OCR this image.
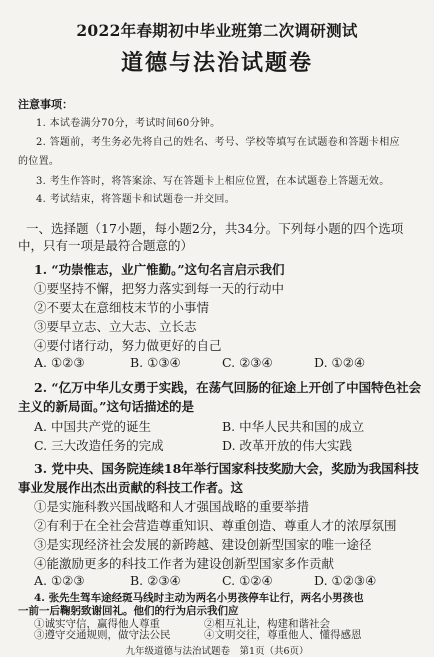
2022年春期初中毕业班第二次调研测试
道德与法治试题卷
注意事项：
1. 本试卷满分70分，考试时间60分钟。
2. 答题前，考生务必先将自己的姓名、考号、学校等填写在试题卷和答题卡相应
的位置。
3. 考生作答时，将答案涂、写在答题卡上相应位置，在本试题卷上答题无效。
4. 考试结束，将答题卡和试题卷一并交回。
一、选择题（17小题，每小题2分，共34分。下列每小题的四个选项
中，只有一项是最符合题意的）
1. “功崇惟志，业广惟勤。”这句名言启示我们
①要坚持不懈，把努力落实到每一天的行动中
②不要太在意细枝末节的小事情
③要早立志、立大志、立长志
④要付诸行动，努力做更好的自己
A. ①②③	B. ①③④	C. ②③④	D. ①②④
2. “亿万中华儿女勇于实践，在荡气回肠的征途上开创了中国特色社会
主义的新局面。”这句话描述的是
A. 中国共产党的诞生	B. 中华人民共和国的成立
C. 三大改造任务的完成	D. 改革开放的伟大实践
3. 党中央、国务院连续18年举行国家科技奖励大会，奖励为我国科技
事业发展作出杰出贡献的科技工作者。这
①是实施科教兴国战略和人才强国战略的重要举措
②有利于在全社会营造尊重知识、尊重创造、尊重人才的浓厚氛围
③是实现经济社会发展的新跨越、建设创新型国家的唯一途径
④能激励更多的科技工作者为建设创新型国家多作贡献
A. ①②③	B. ②③④	C. ①②④	D. ①②③④
4. 张先生驾车途经斑马线时主动为两名小男孩停车让行，两名小男孩也
一前一后鞠躬致谢回礼。他们的行为启示我们应
①诚实守信，赢得他人尊重	②相互礼让，构建和谐社会
③遵守交通规则，做守法公民	④文明交往，尊重他人、懂得感恩
九年级道德与法治试题卷　第1页（共6页）
